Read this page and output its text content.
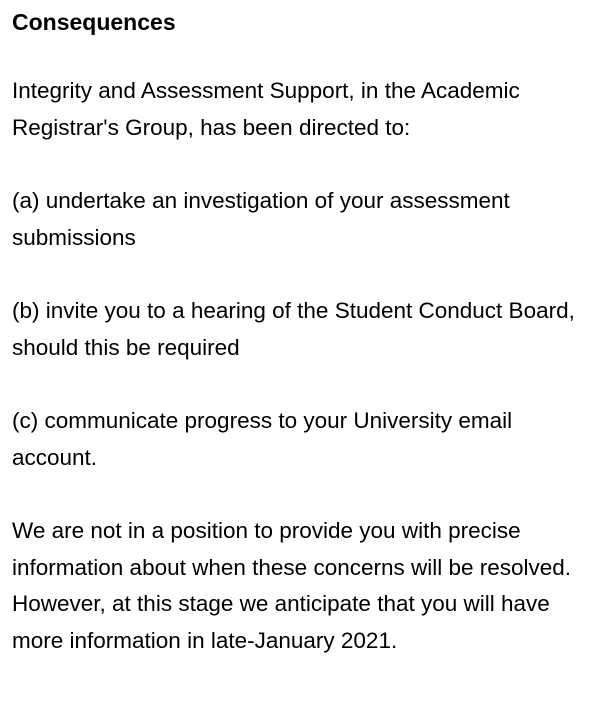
Consequences

Integrity and Assessment Support, in the Academic Registrar's Group, has been directed to:

(a) undertake an investigation of your assessment submissions

(b) invite you to a hearing of the Student Conduct Board, should this be required

(c) communicate progress to your University email account.

We are not in a position to provide you with precise information about when these concerns will be resolved. However, at this stage we anticipate that you will have more information in late-January 2021.
